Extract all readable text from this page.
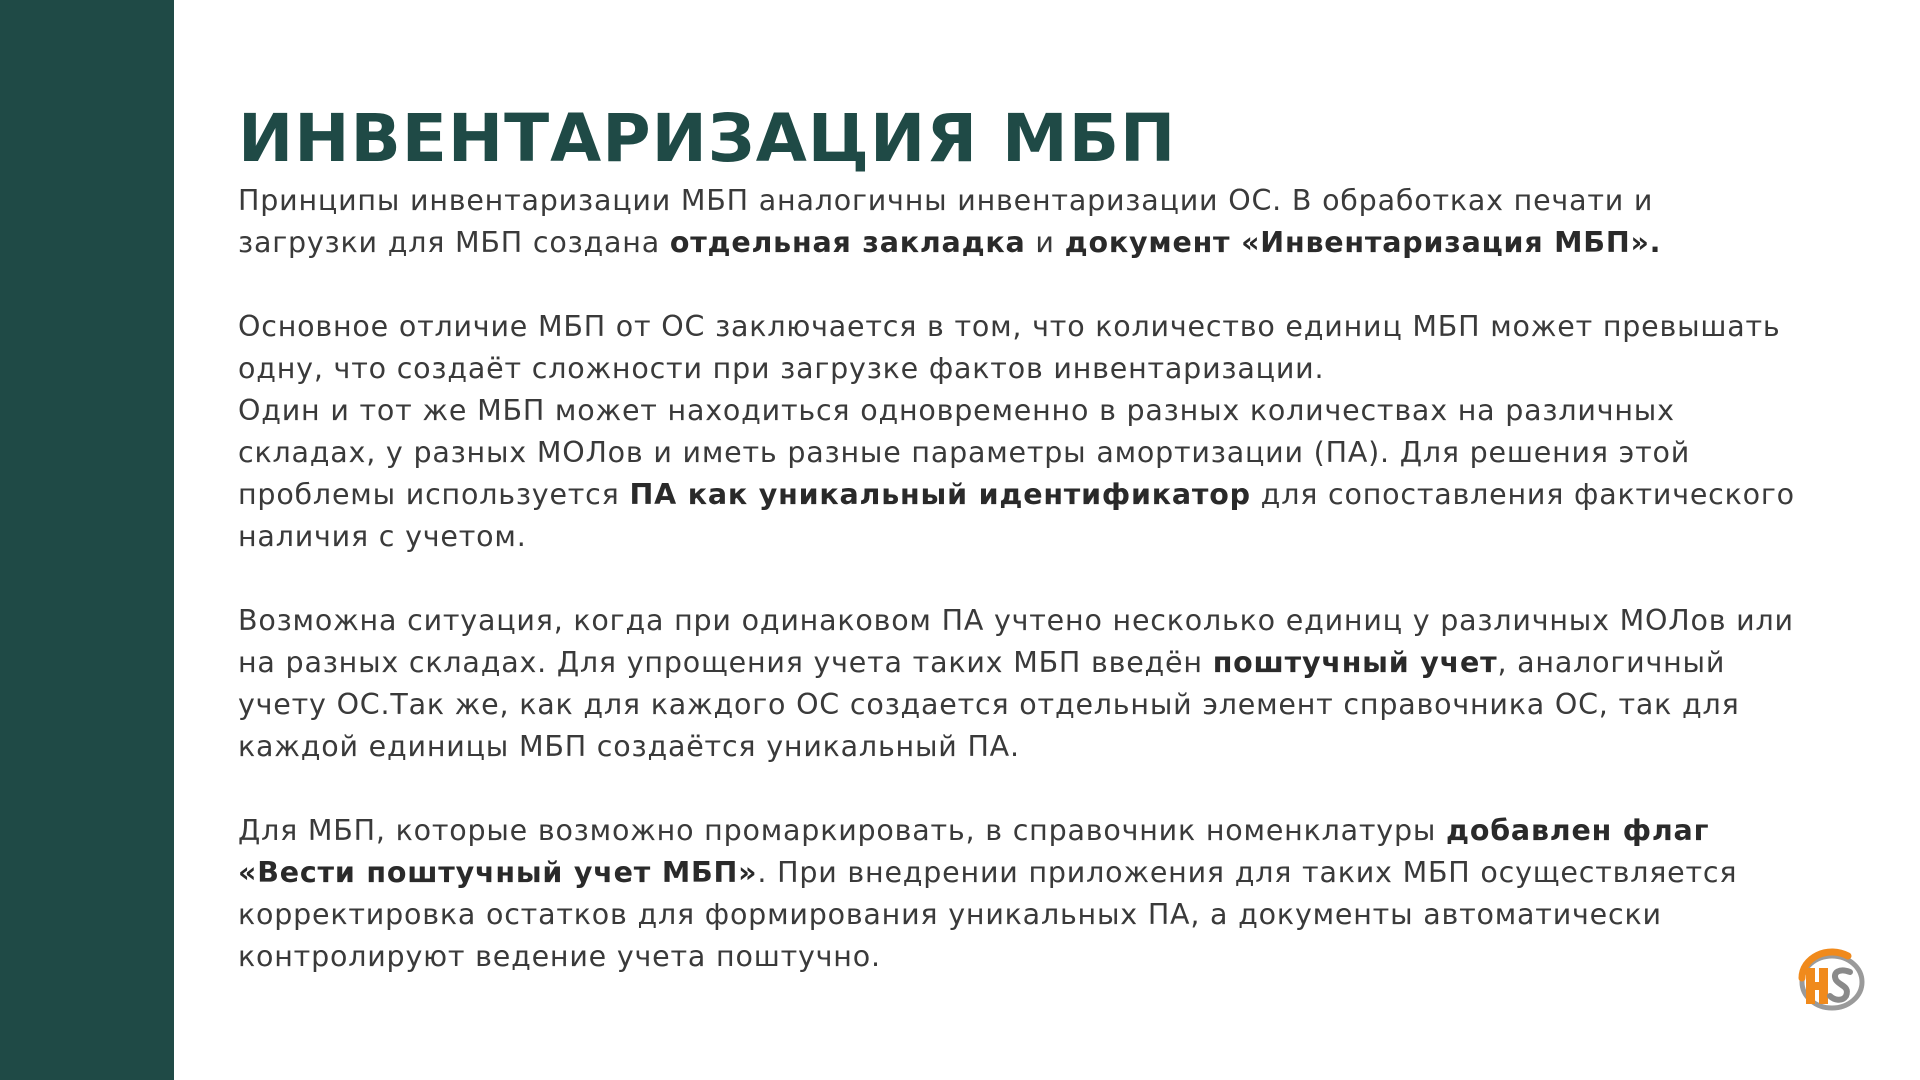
ИНВЕНТАРИЗАЦИЯ МБП

Принципы инвентаризации МБП аналогичны инвентаризации ОС. В обработках печати и загрузки для МБП создана отдельная закладка и документ «Инвентаризация МБП».

Основное отличие МБП от ОС заключается в том, что количество единиц МБП может превышать одну, что создаёт сложности при загрузке фактов инвентаризации.

Один и тот же МБП может находиться одновременно в разных количествах на различных складах, у разных МОЛов и иметь разные параметры амортизации (ПА). Для решения этой проблемы используется ПА как уникальный идентификатор для сопоставления фактического наличия с учетом.

Возможна ситуация, когда при одинаковом ПА учтено несколько единиц у различных МОЛов или на разных складах. Для упрощения учета таких МБП введён поштучный учет, аналогичный учету ОС.Так же, как для каждого ОС создается отдельный элемент справочника ОС, так для каждой единицы МБП создаётся уникальный ПА.

Для МБП, которые возможно промаркировать, в справочник номенклатуры добавлен флаг «Вести поштучный учет МБП». При внедрении приложения для таких МБП осуществляется корректировка остатков для формирования уникальных ПА, а документы автоматически контролируют ведение учета поштучно.
